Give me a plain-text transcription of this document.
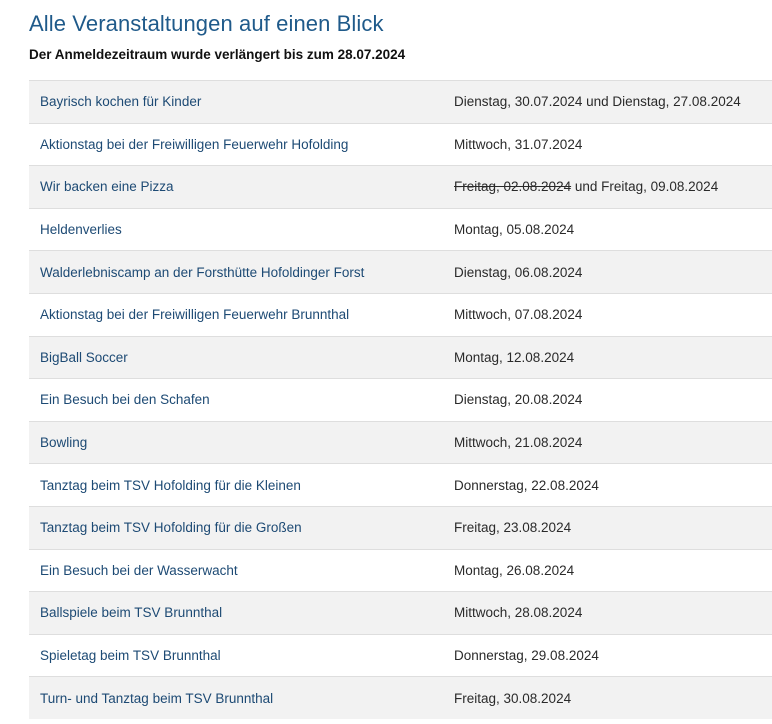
Alle Veranstaltungen auf einen Blick

Der Anmeldezeitraum wurde verlängert bis zum 28.07.2024

Bayrisch kochen für Kinder	Dienstag, 30.07.2024 und Dienstag, 27.08.2024
Aktionstag bei der Freiwilligen Feuerwehr Hofolding	Mittwoch, 31.07.2024
Wir backen eine Pizza	Freitag, 02.08.2024 und Freitag, 09.08.2024
Heldenverlies	Montag, 05.08.2024
Walderlebniscamp an der Forsthütte Hofoldinger Forst	Dienstag, 06.08.2024
Aktionstag bei der Freiwilligen Feuerwehr Brunnthal	Mittwoch, 07.08.2024
BigBall Soccer	Montag, 12.08.2024
Ein Besuch bei den Schafen	Dienstag, 20.08.2024
Bowling	Mittwoch, 21.08.2024
Tanztag beim TSV Hofolding für die Kleinen	Donnerstag, 22.08.2024
Tanztag beim TSV Hofolding für die Großen	Freitag, 23.08.2024
Ein Besuch bei der Wasserwacht	Montag, 26.08.2024
Ballspiele beim TSV Brunnthal	Mittwoch, 28.08.2024
Spieletag beim TSV Brunnthal	Donnerstag, 29.08.2024
Turn- und Tanztag beim TSV Brunnthal	Freitag, 30.08.2024
